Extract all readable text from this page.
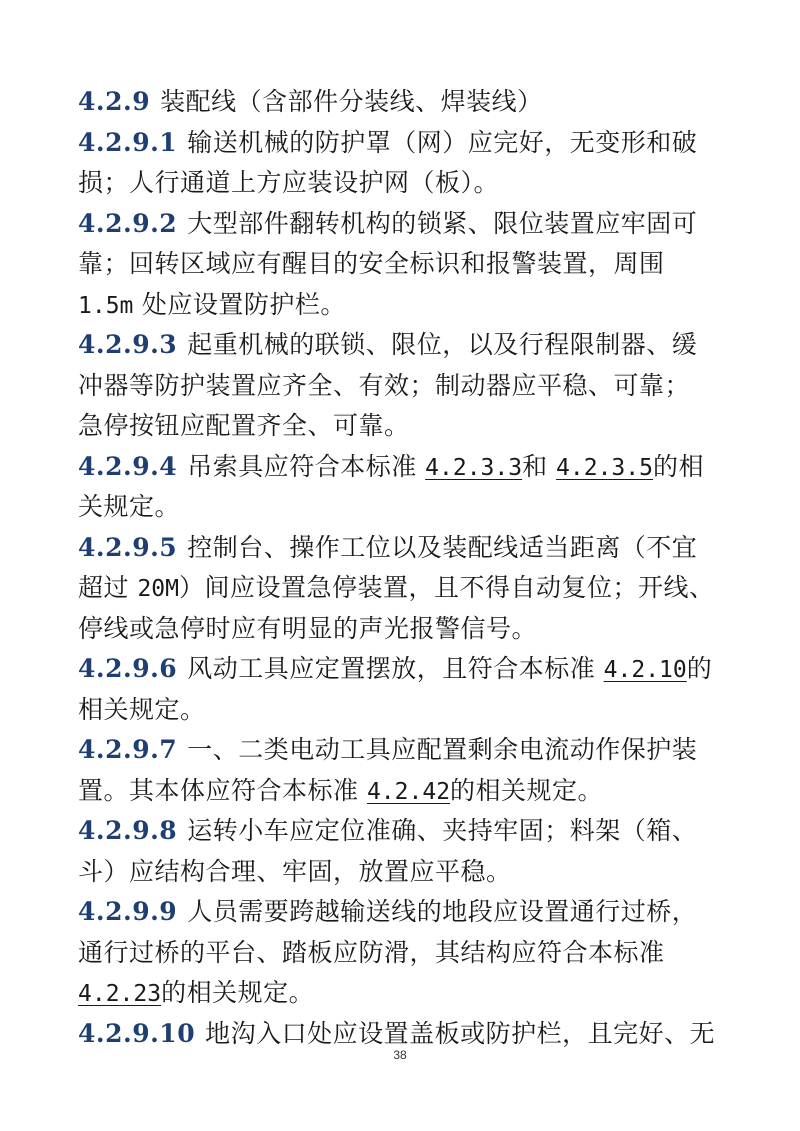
4.2.9 装配线（含部件分装线、焊装线）
4.2.9.1 输送机械的防护罩（网）应完好，无变形和破
损；人行通道上方应装设护网（板）。
4.2.9.2 大型部件翻转机构的锁紧、限位装置应牢固可
靠；回转区域应有醒目的安全标识和报警装置，周围
1.5m 处应设置防护栏。
4.2.9.3 起重机械的联锁、限位，以及行程限制器、缓
冲器等防护装置应齐全、有效；制动器应平稳、可靠；
急停按钮应配置齐全、可靠。
4.2.9.4 吊索具应符合本标准 4.2.3.3和 4.2.3.5的相
关规定。
4.2.9.5 控制台、操作工位以及装配线适当距离（不宜
超过 20M）间应设置急停装置，且不得自动复位；开线、
停线或急停时应有明显的声光报警信号。
4.2.9.6 风动工具应定置摆放，且符合本标准 4.2.10的
相关规定。
4.2.9.7 一、二类电动工具应配置剩余电流动作保护装
置。其本体应符合本标准 4.2.42的相关规定。
4.2.9.8 运转小车应定位准确、夹持牢固；料架（箱、
斗）应结构合理、牢固，放置应平稳。
4.2.9.9 人员需要跨越输送线的地段应设置通行过桥，
通行过桥的平台、踏板应防滑，其结构应符合本标准
4.2.23的相关规定。
4.2.9.10 地沟入口处应设置盖板或防护栏，且完好、无
38
